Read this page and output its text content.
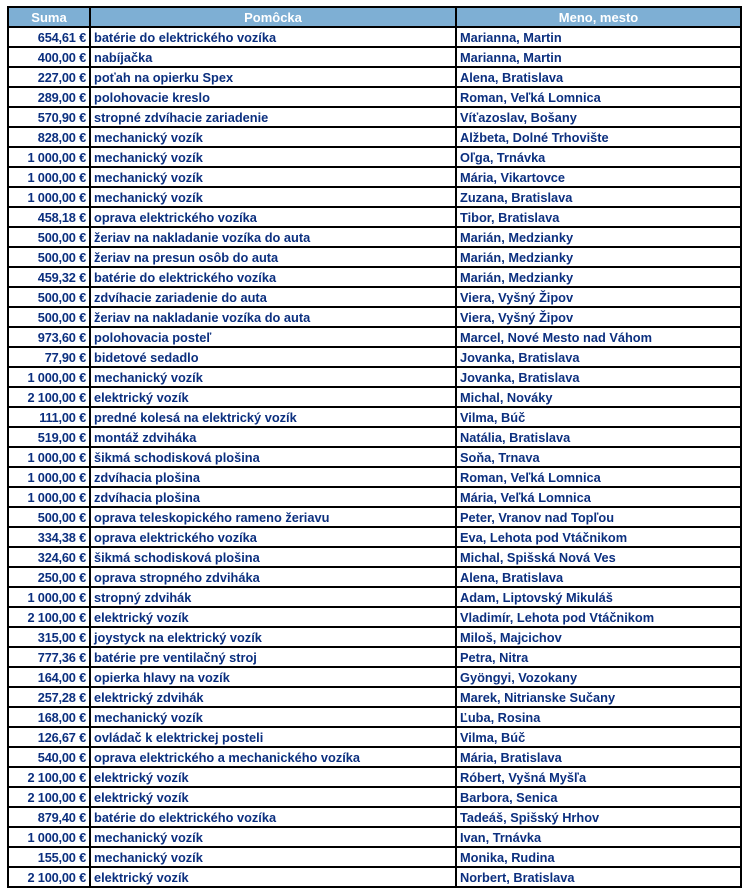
Suma	Pomôcka	Meno, mesto
654,61 €	batérie do elektrického vozíka	Marianna, Martin
400,00 €	nabíjačka	Marianna, Martin
227,00 €	poťah na opierku Spex	Alena, Bratislava
289,00 €	polohovacie kreslo	Roman, Veľká Lomnica
570,90 €	stropné zdvíhacie zariadenie	Víťazoslav, Bošany
828,00 €	mechanický vozík	Alžbeta, Dolné Trhovište
1 000,00 €	mechanický vozík	Oľga, Trnávka
1 000,00 €	mechanický vozík	Mária, Vikartovce
1 000,00 €	mechanický vozík	Zuzana, Bratislava
458,18 €	oprava elektrického vozíka	Tibor, Bratislava
500,00 €	žeriav na nakladanie vozíka do auta	Marián, Medzianky
500,00 €	žeriav na presun osôb do auta	Marián, Medzianky
459,32 €	batérie do elektrického vozíka	Marián, Medzianky
500,00 €	zdvíhacie zariadenie do auta	Viera, Vyšný Žipov
500,00 €	žeriav na nakladanie vozíka do auta	Viera, Vyšný Žipov
973,60 €	polohovacia posteľ	Marcel, Nové Mesto nad Váhom
77,90 €	bidetové sedadlo	Jovanka, Bratislava
1 000,00 €	mechanický vozík	Jovanka, Bratislava
2 100,00 €	elektrický vozík	Michal, Nováky
111,00 €	predné kolesá na elektrický vozík	Vilma, Búč
519,00 €	montáž zdviháka	Natália, Bratislava
1 000,00 €	šikmá schodisková plošina	Soňa, Trnava
1 000,00 €	zdvíhacia plošina	Roman, Veľká Lomnica
1 000,00 €	zdvíhacia plošina	Mária, Veľká Lomnica
500,00 €	oprava teleskopického rameno žeriavu	Peter, Vranov nad Topľou
334,38 €	oprava elektrického vozíka	Eva, Lehota pod Vtáčnikom
324,60 €	šikmá schodisková plošina	Michal, Spišská Nová Ves
250,00 €	oprava stropného zdviháka	Alena, Bratislava
1 000,00 €	stropný zdvihák	Adam, Liptovský Mikuláš
2 100,00 €	elektrický vozík	Vladimír, Lehota pod Vtáčnikom
315,00 €	joystyck na elektrický vozík	Miloš, Majcichov
777,36 €	batérie pre ventilačný stroj	Petra, Nitra
164,00 €	opierka hlavy na vozík	Gyöngyi, Vozokany
257,28 €	elektrický zdvihák	Marek, Nitrianske Sučany
168,00 €	mechanický vozík	Ľuba, Rosina
126,67 €	ovládač k elektrickej posteli	Vilma, Búč
540,00 €	oprava elektrického a mechanického vozíka	Mária, Bratislava
2 100,00 €	elektrický vozík	Róbert, Vyšná Myšľa
2 100,00 €	elektrický vozík	Barbora, Senica
879,40 €	batérie do elektrického vozíka	Tadeáš, Spišský Hrhov
1 000,00 €	mechanický vozík	Ivan, Trnávka
155,00 €	mechanický vozík	Monika, Rudina
2 100,00 €	elektrický vozík	Norbert, Bratislava
